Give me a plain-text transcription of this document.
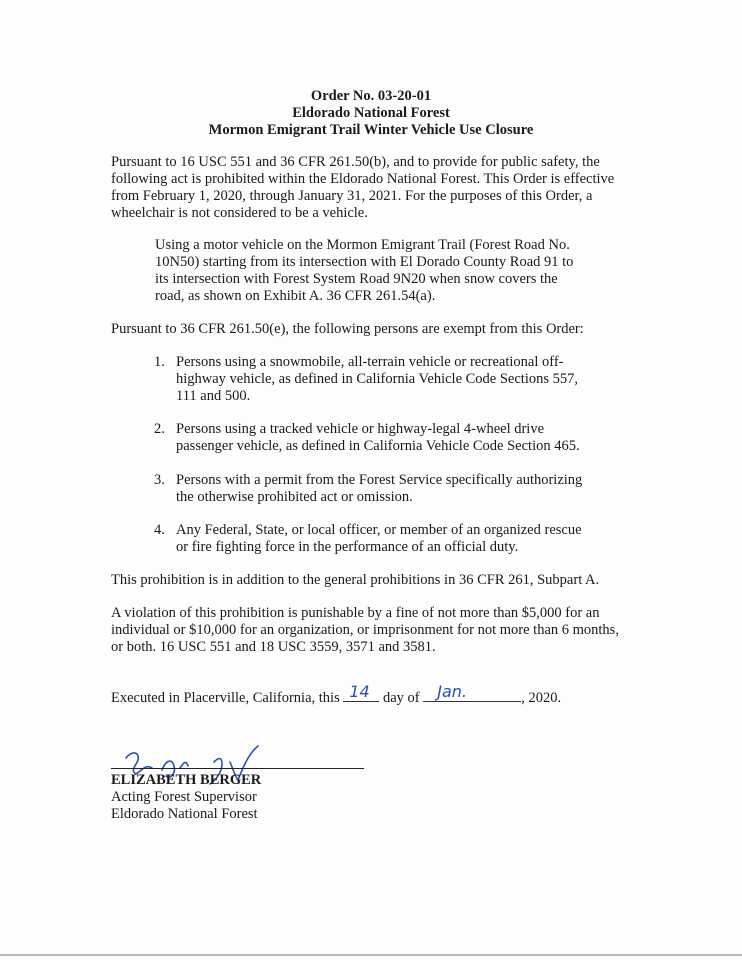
Order No. 03-20-01
Eldorado National Forest
Mormon Emigrant Trail Winter Vehicle Use Closure
Pursuant to 16 USC 551 and 36 CFR 261.50(b), and to provide for public safety, the
following act is prohibited within the Eldorado National Forest. This Order is effective
from February 1, 2020, through January 31, 2021. For the purposes of this Order, a
wheelchair is not considered to be a vehicle.
Using a motor vehicle on the Mormon Emigrant Trail (Forest Road No.
10N50) starting from its intersection with El Dorado County Road 91 to
its intersection with Forest System Road 9N20 when snow covers the
road, as shown on Exhibit A. 36 CFR 261.54(a).
Pursuant to 36 CFR 261.50(e), the following persons are exempt from this Order:
1. Persons using a snowmobile, all-terrain vehicle or recreational off-
highway vehicle, as defined in California Vehicle Code Sections 557,
111 and 500.
2. Persons using a tracked vehicle or highway-legal 4-wheel drive
passenger vehicle, as defined in California Vehicle Code Section 465.
3. Persons with a permit from the Forest Service specifically authorizing
the otherwise prohibited act or omission.
4. Any Federal, State, or local officer, or member of an organized rescue
or fire fighting force in the performance of an official duty.
This prohibition is in addition to the general prohibitions in 36 CFR 261, Subpart A.
A violation of this prohibition is punishable by a fine of not more than $5,000 for an
individual or $10,000 for an organization, or imprisonment for not more than 6 months,
or both. 16 USC 551 and 18 USC 3559, 3571 and 3581.
Executed in Placerville, California, this 14 day of Jan.	, 2020.
ELIZABETH BERGER
Acting Forest Supervisor
Eldorado National Forest
